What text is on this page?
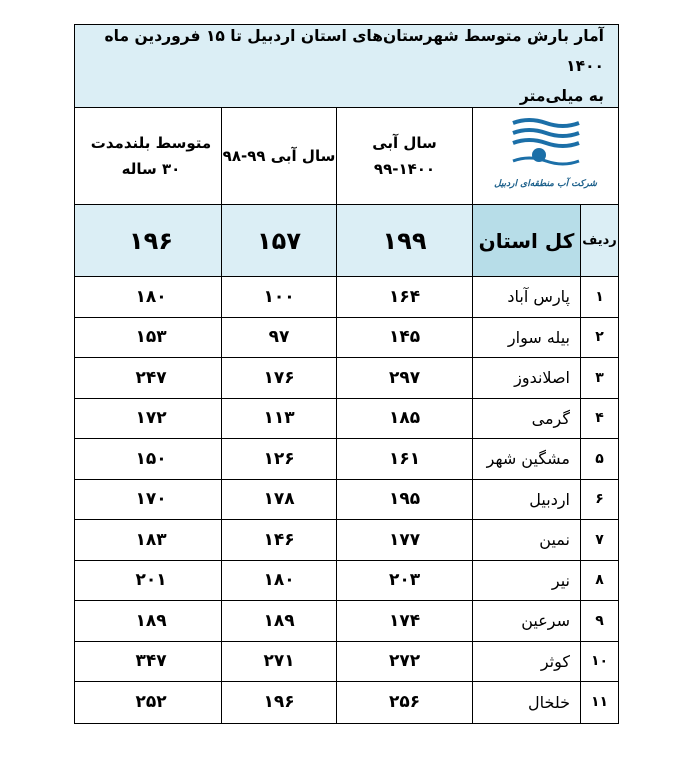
آمار بارش متوسط شهرستان‌های استان اردبیل تا ۱۵ فروردین ماه ۱۴۰۰
به میلی‌متر
شرکت آب منطقه‌ای اردبیل
سال آبی
۹۹-۱۴۰۰
سال آبی ۹۹-۹۸
متوسط بلندمدت
۳۰ ساله
ردیف
کل استان
۱۹۹
۱۵۷
۱۹۶
۱
پارس آباد
۱۶۴
۱۰۰
۱۸۰
۲
بیله سوار
۱۴۵
۹۷
۱۵۳
۳
اصلاندوز
۲۹۷
۱۷۶
۲۴۷
۴
گرمی
۱۸۵
۱۱۳
۱۷۲
۵
مشگین شهر
۱۶۱
۱۲۶
۱۵۰
۶
اردبیل
۱۹۵
۱۷۸
۱۷۰
۷
نمین
۱۷۷
۱۴۶
۱۸۳
۸
نیر
۲۰۳
۱۸۰
۲۰۱
۹
سرعین
۱۷۴
۱۸۹
۱۸۹
۱۰
کوثر
۲۷۲
۲۷۱
۳۴۷
۱۱
خلخال
۲۵۶
۱۹۶
۲۵۲
